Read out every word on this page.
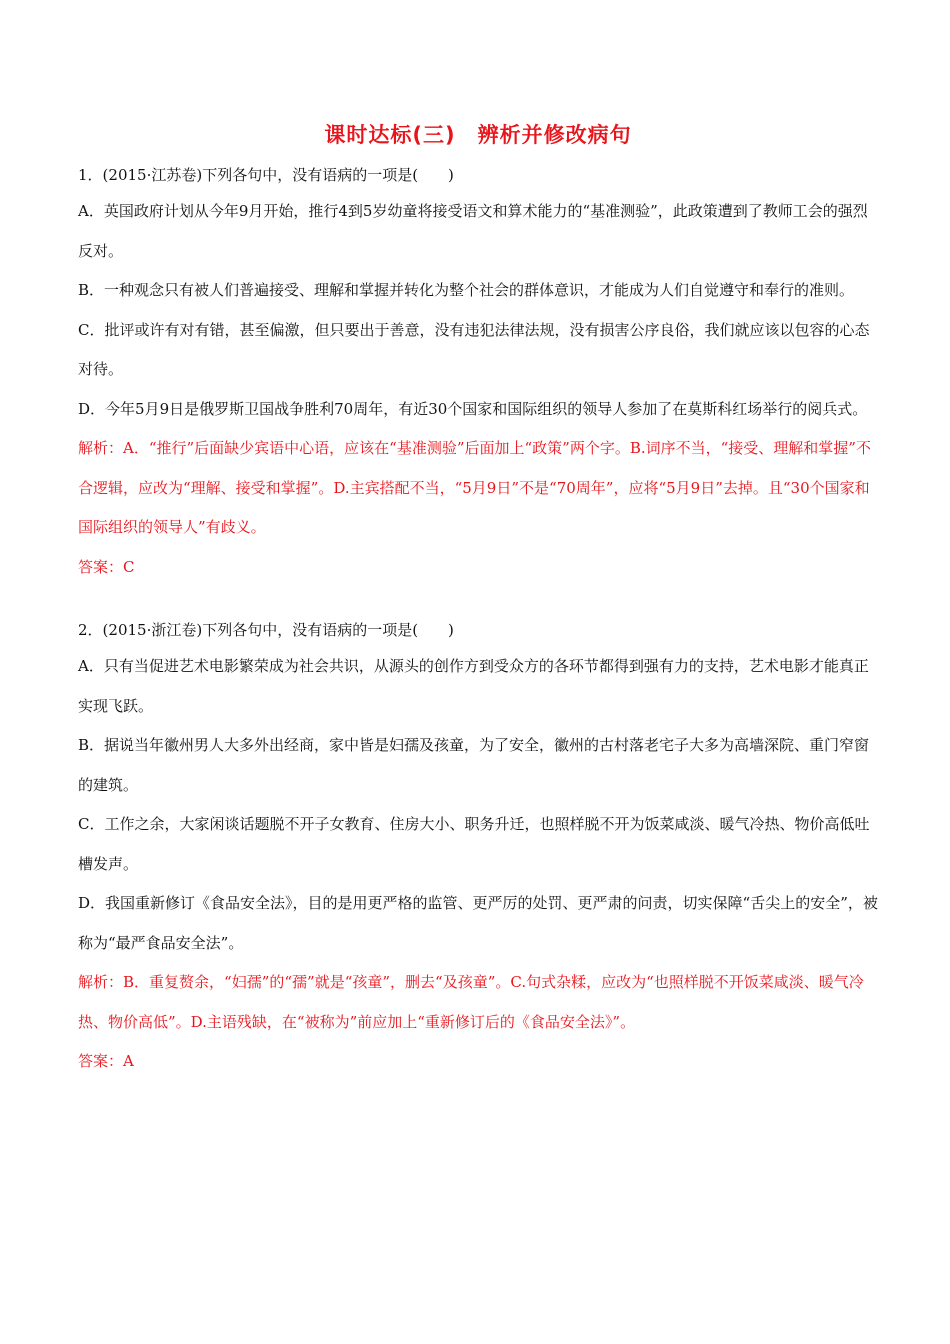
课时达标(三)　辨析并修改病句

1．(2015·江苏卷)下列各句中，没有语病的一项是(　　)

A．英国政府计划从今年9月开始，推行4到5岁幼童将接受语文和算术能力的“基准测验”，此政策遭到了教师工会的强烈反对。

B．一种观念只有被人们普遍接受、理解和掌握并转化为整个社会的群体意识，才能成为人们自觉遵守和奉行的准则。

C．批评或许有对有错，甚至偏激，但只要出于善意，没有违犯法律法规，没有损害公序良俗，我们就应该以包容的心态对待。

D．今年5月9日是俄罗斯卫国战争胜利70周年，有近30个国家和国际组织的领导人参加了在莫斯科红场举行的阅兵式。

解析：A．“推行”后面缺少宾语中心语，应该在“基准测验”后面加上“政策”两个字。B.词序不当，“接受、理解和掌握”不合逻辑，应改为“理解、接受和掌握”。D.主宾搭配不当，“5月9日”不是“70周年”，应将“5月9日”去掉。且“30个国家和国际组织的领导人”有歧义。

答案：C

2．(2015·浙江卷)下列各句中，没有语病的一项是(　　)

A．只有当促进艺术电影繁荣成为社会共识，从源头的创作方到受众方的各环节都得到强有力的支持，艺术电影才能真正实现飞跃。

B．据说当年徽州男人大多外出经商，家中皆是妇孺及孩童，为了安全，徽州的古村落老宅子大多为高墙深院、重门窄窗的建筑。

C．工作之余，大家闲谈话题脱不开子女教育、住房大小、职务升迁，也照样脱不开为饭菜咸淡、暖气冷热、物价高低吐槽发声。

D．我国重新修订《食品安全法》，目的是用更严格的监管、更严厉的处罚、更严肃的问责，切实保障“舌尖上的安全”，被称为“最严食品安全法”。

解析：B．重复赘余，“妇孺”的“孺”就是“孩童”，删去“及孩童”。C.句式杂糅，应改为“也照样脱不开饭菜咸淡、暖气冷热、物价高低”。D.主语残缺，在“被称为”前应加上“重新修订后的《食品安全法》”。

答案：A
